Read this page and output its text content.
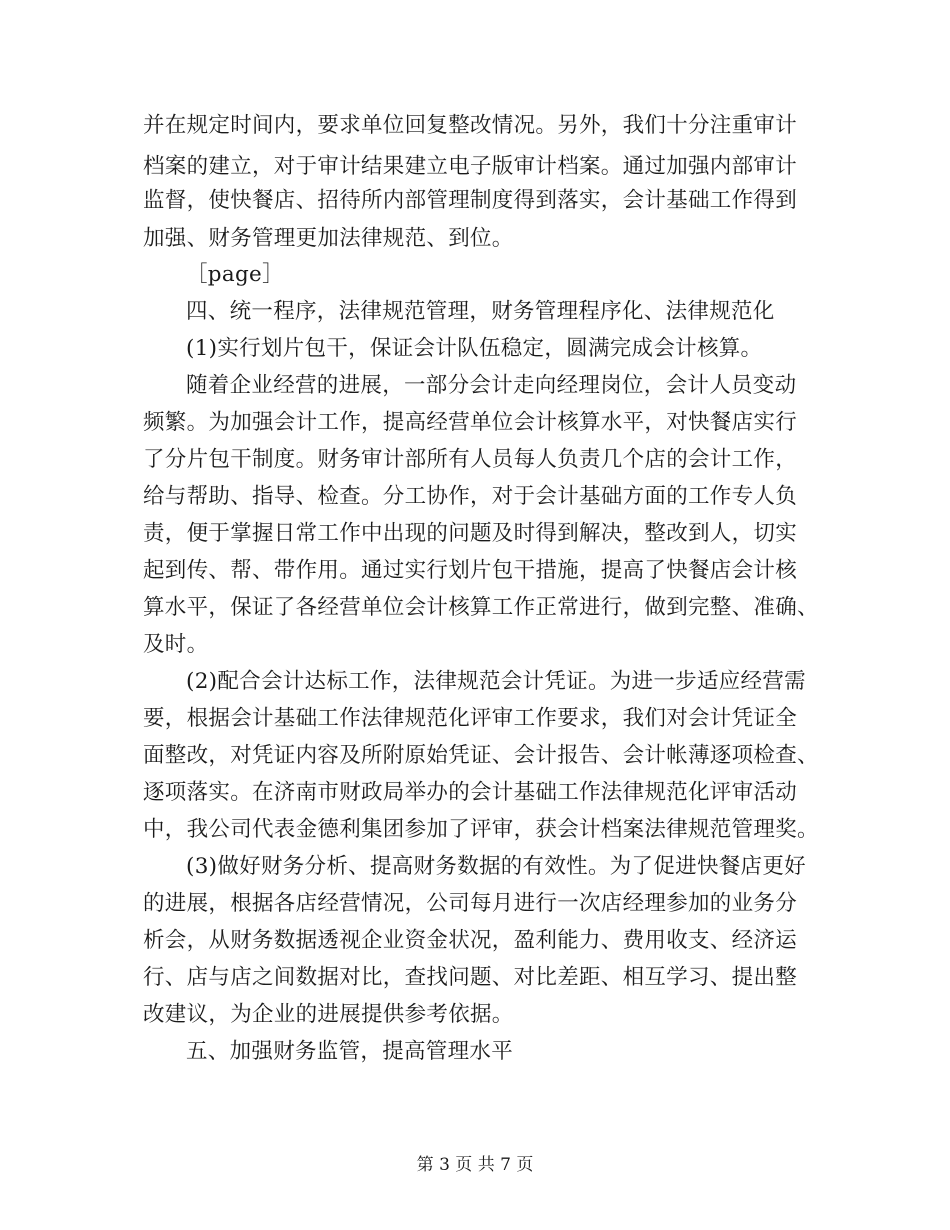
并在规定时间内，要求单位回复整改情况。另外，我们十分注重审计
档案的建立，对于审计结果建立电子版审计档案。通过加强内部审计
监督，使快餐店、招待所内部管理制度得到落实，会计基础工作得到
加强、财务管理更加法律规范、到位。
［page］
四、统一程序，法律规范管理，财务管理程序化、法律规范化
(1)实行划片包干，保证会计队伍稳定，圆满完成会计核算。
随着企业经营的进展，一部分会计走向经理岗位，会计人员变动
频繁。为加强会计工作，提高经营单位会计核算水平，对快餐店实行
了分片包干制度。财务审计部所有人员每人负责几个店的会计工作，
给与帮助、指导、检查。分工协作，对于会计基础方面的工作专人负
责，便于掌握日常工作中出现的问题及时得到解决，整改到人，切实
起到传、帮、带作用。通过实行划片包干措施，提高了快餐店会计核
算水平，保证了各经营单位会计核算工作正常进行，做到完整、准确、
及时。
(2)配合会计达标工作，法律规范会计凭证。为进一步适应经营需
要，根据会计基础工作法律规范化评审工作要求，我们对会计凭证全
面整改，对凭证内容及所附原始凭证、会计报告、会计帐薄逐项检查、
逐项落实。在济南市财政局举办的会计基础工作法律规范化评审活动
中，我公司代表金德利集团参加了评审，获会计档案法律规范管理奖。
(3)做好财务分析、提高财务数据的有效性。为了促进快餐店更好
的进展，根据各店经营情况，公司每月进行一次店经理参加的业务分
析会，从财务数据透视企业资金状况，盈利能力、费用收支、经济运
行、店与店之间数据对比，查找问题、对比差距、相互学习、提出整
改建议，为企业的进展提供参考依据。
五、加强财务监管，提高管理水平
第 3 页 共 7 页
